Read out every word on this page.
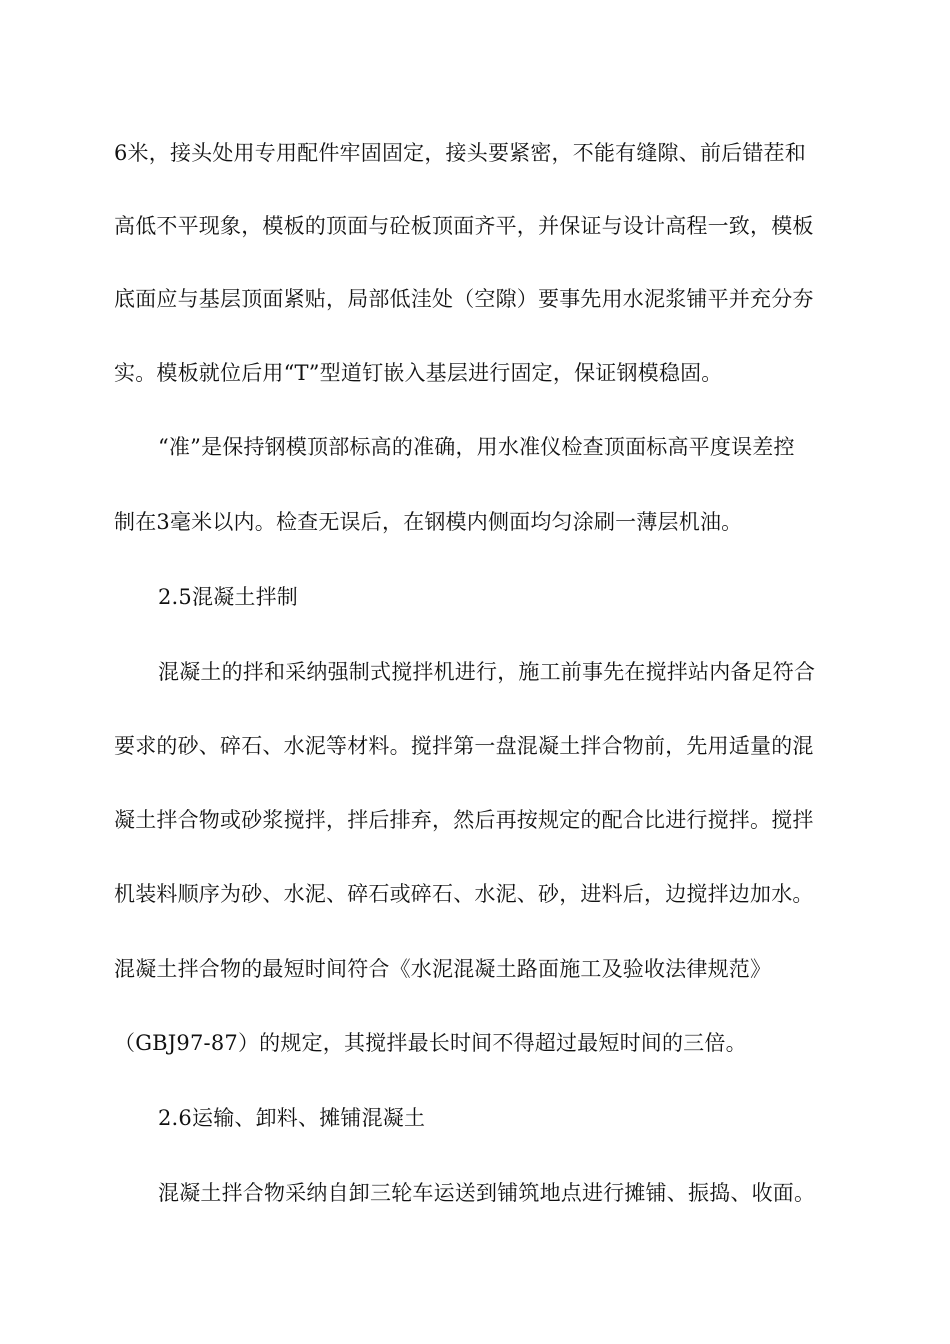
6米，接头处用专用配件牢固固定，接头要紧密，不能有缝隙、前后错茬和
高低不平现象，模板的顶面与砼板顶面齐平，并保证与设计高程一致，模板
底面应与基层顶面紧贴，局部低洼处（空隙）要事先用水泥浆铺平并充分夯
实。模板就位后用“T”型道钉嵌入基层进行固定，保证钢模稳固。
“准”是保持钢模顶部标高的准确，用水准仪检查顶面标高平度误差控
制在3毫米以内。检查无误后，在钢模内侧面均匀涂刷一薄层机油。
2.5混凝土拌制
混凝土的拌和采纳强制式搅拌机进行，施工前事先在搅拌站内备足符合
要求的砂、碎石、水泥等材料。搅拌第一盘混凝土拌合物前，先用适量的混
凝土拌合物或砂浆搅拌，拌后排弃，然后再按规定的配合比进行搅拌。搅拌
机装料顺序为砂、水泥、碎石或碎石、水泥、砂，进料后，边搅拌边加水。
混凝土拌合物的最短时间符合《水泥混凝土路面施工及验收法律规范》
（GBJ97-87）的规定，其搅拌最长时间不得超过最短时间的三倍。
2.6运输、卸料、摊铺混凝土
混凝土拌合物采纳自卸三轮车运送到铺筑地点进行摊铺、振捣、收面。
